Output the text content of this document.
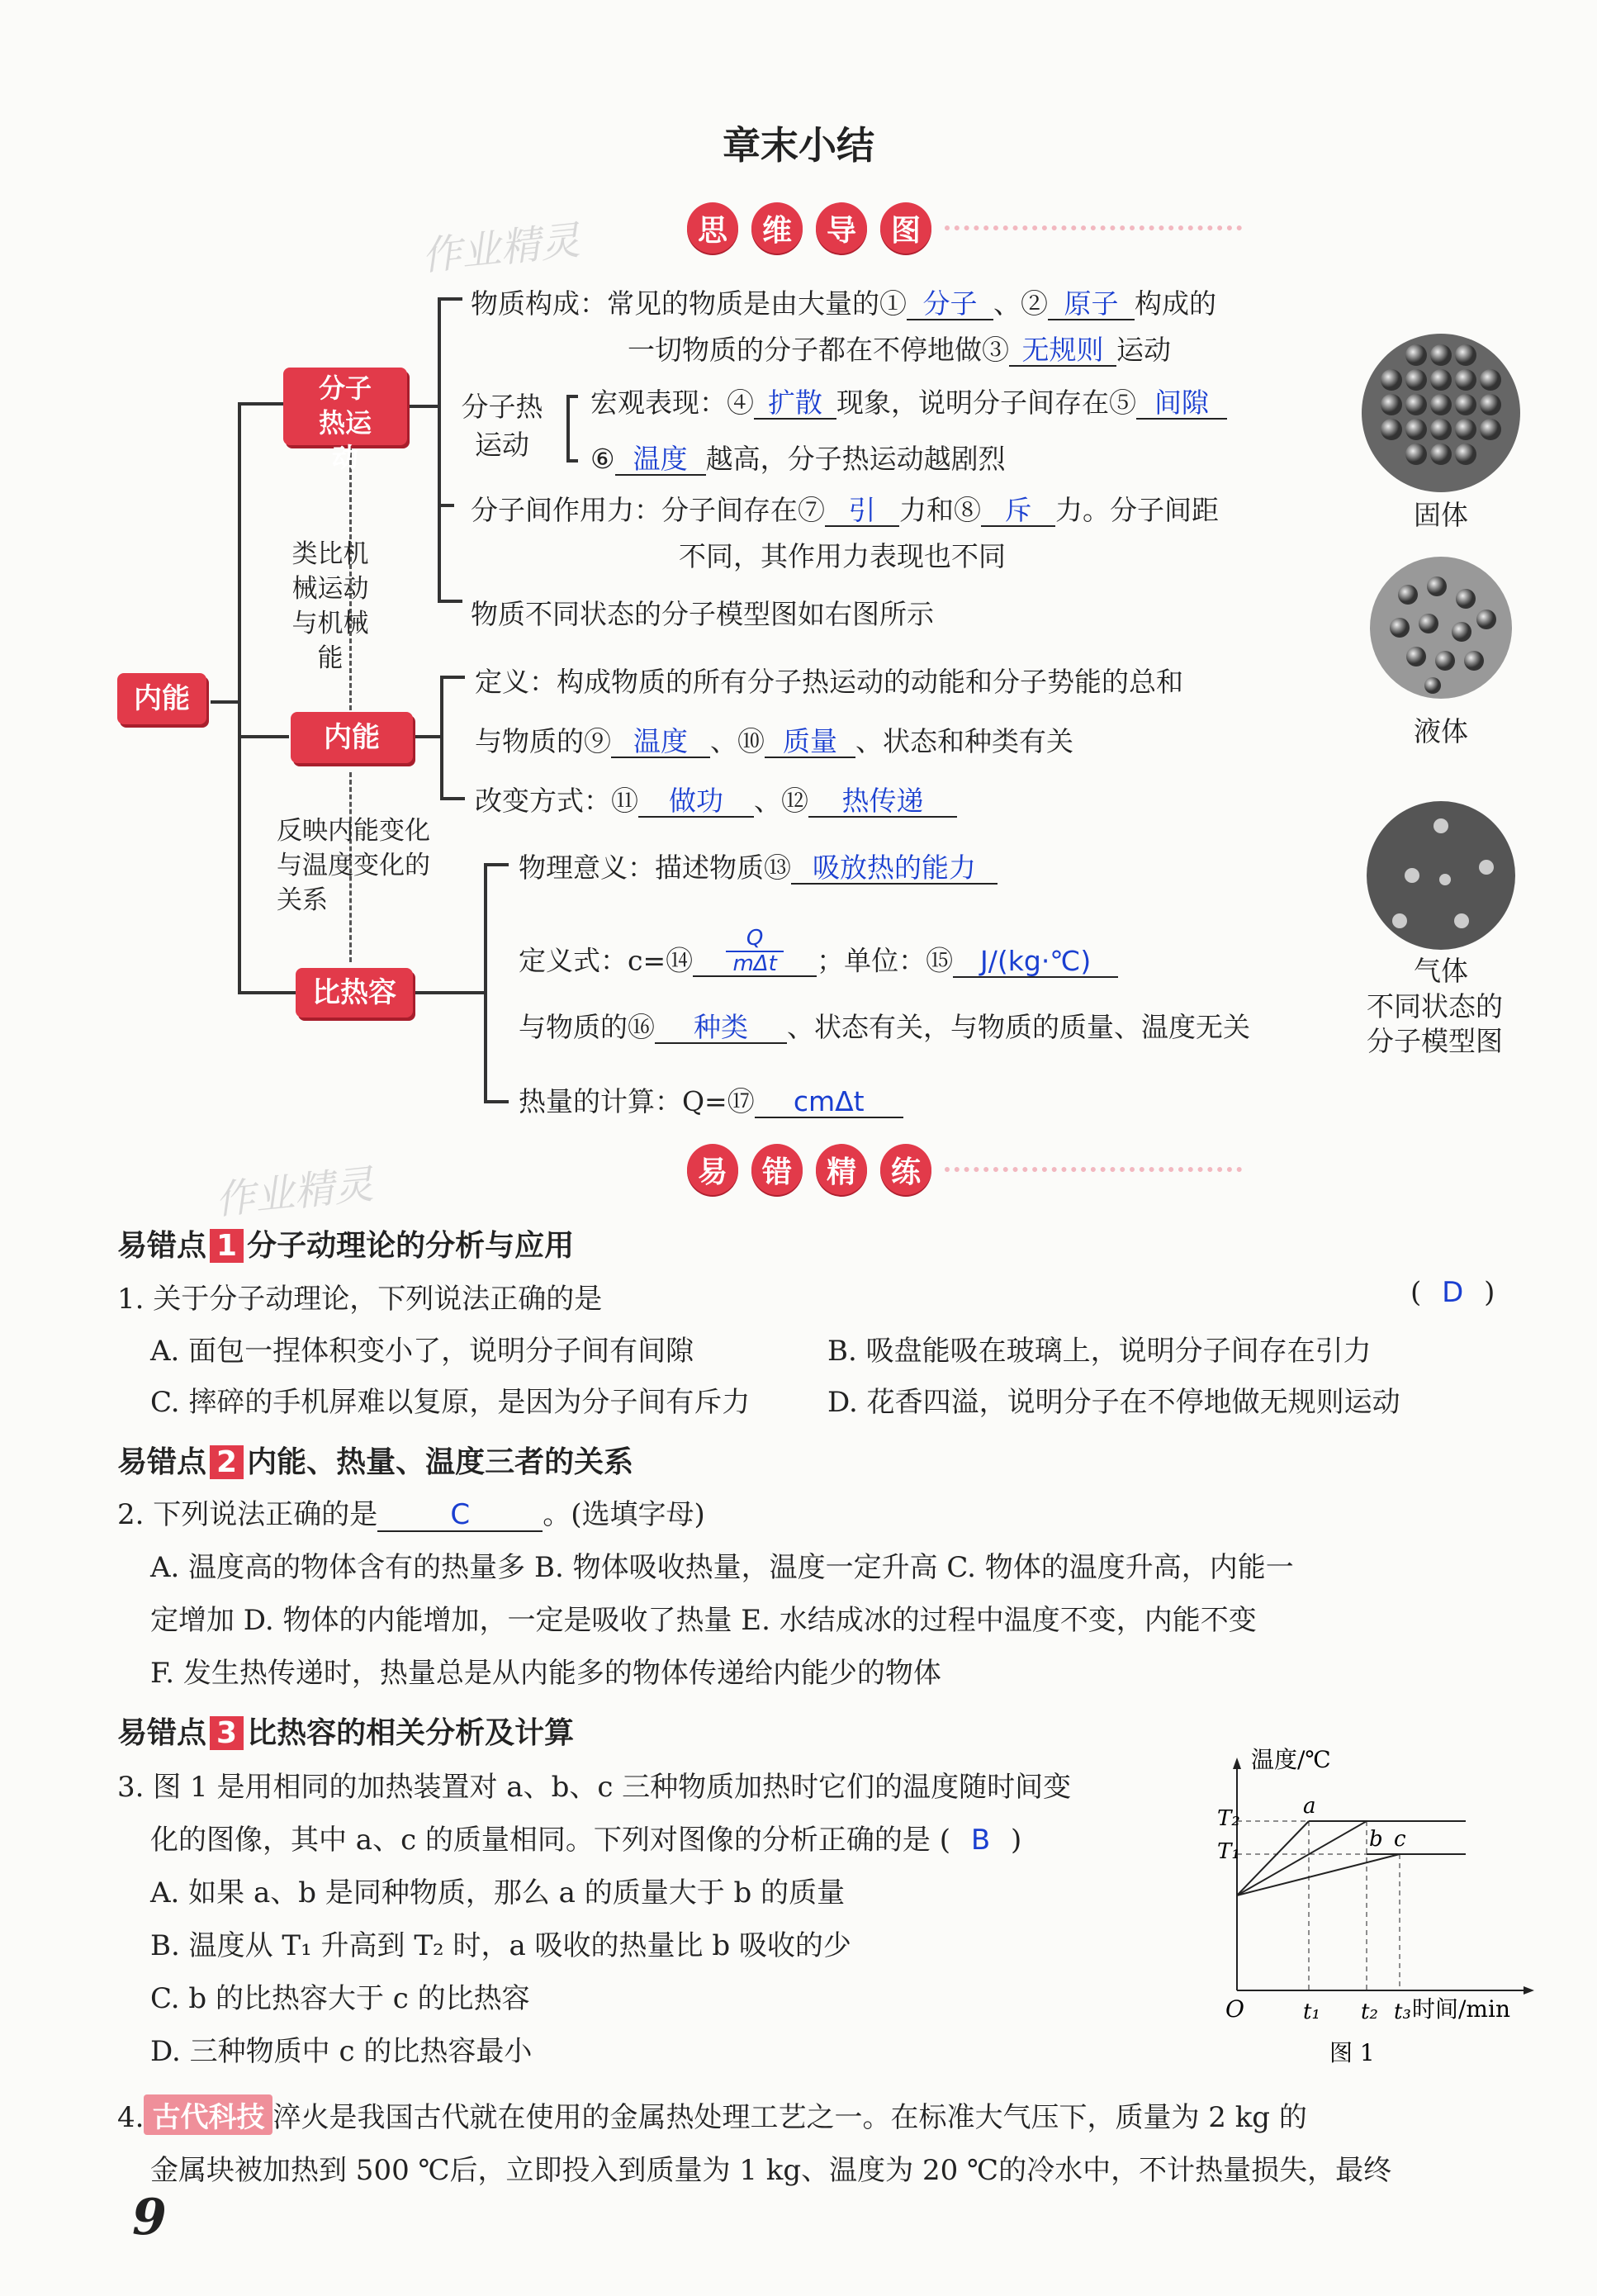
章末小结
思	维	导	图
作业精灵
内能
分子热运动
内能
比热容
类比机械运动与机械能
反映内能变化与温度变化的关系
物质构成：常见的物质是由大量的① 分子 、② 原子 构成的
一切物质的分子都在不停地做③ 无规则 运动
分子热运动
宏观表现：④ 扩散 现象，说明分子间存在⑤ 间隙
⑥ 温度 越高，分子热运动越剧烈
分子间作用力：分子间存在⑦ 引 力和⑧ 斥 力。分子间距
不同，其作用力表现也不同
物质不同状态的分子模型图如右图所示
定义：构成物质的所有分子热运动的动能和分子势能的总和
与物质的⑨ 温度 、⑩ 质量 、状态和种类有关
改变方式：⑪ 做功 、⑫ 热传递
物理意义：描述物质⑬ 吸放热的能力
定义式：c=⑭
Q
mΔt	；单位：⑮ J/(kg·℃)
与物质的⑯ 种类 、状态有关，与物质的质量、温度无关
热量的计算：Q=⑰ cmΔt
固体
液体
气体
不同状态的
分子模型图
易	错	精	练
作业精灵
易错点 1 分子动理论的分析与应用
1. 关于分子动理论，下列说法正确的是	( D )
A. 面包一捏体积变小了，说明分子间有间隙	B. 吸盘能吸在玻璃上，说明分子间存在引力
C. 摔碎的手机屏难以复原，是因为分子间有斥力	D. 花香四溢，说明分子在不停地做无规则运动
易错点 2 内能、热量、温度三者的关系
2. 下列说法正确的是	C	。(选填字母)
A. 温度高的物体含有的热量多 B. 物体吸收热量，温度一定升高 C. 物体的温度升高，内能一
定增加 D. 物体的内能增加，一定是吸收了热量 E. 水结成冰的过程中温度不变，内能不变
F. 发生热传递时，热量总是从内能多的物体传递给内能少的物体
易错点 3 比热容的相关分析及计算
3. 图 1 是用相同的加热装置对 a、b、c 三种物质加热时它们的温度随时间变
化的图像，其中 a、c 的质量相同。下列对图像的分析正确的是 ( B )
A. 如果 a、b 是同种物质，那么 a 的质量大于 b 的质量
B. 温度从 T₁ 升高到 T₂ 时，a 吸收的热量比 b 吸收的少
C. b 的比热容大于 c 的比热容
D. 三种物质中 c 的比热容最小
温度/℃
时间/min
O
T₂
T₁
t₁ t₂ t₃
a
b c
图 1
4. 古代科技 淬火是我国古代就在使用的金属热处理工艺之一。在标准大气压下，质量为 2 kg 的
金属块被加热到 500 ℃后，立即投入到质量为 1 kg、温度为 20 ℃的冷水中，不计热量损失，最终
9
